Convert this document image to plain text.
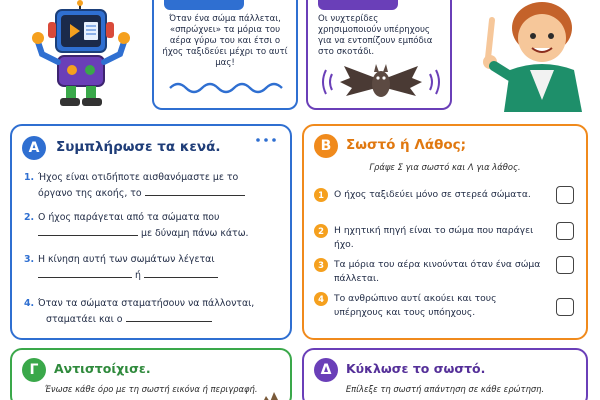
Όταν ένα σώμα πάλλεται, «σπρώχνει» τα μόρια του αέρα γύρω του και έτσι ο ήχος ταξιδεύει μέχρι το αυτί μας!
Οι νυχτερίδες χρησιμοποιούν υπέρηχους για να εντοπίζουν εμπόδια στο σκοτάδι.
Α	Συμπλήρωσε τα κενά.
1. Ήχος είναι οτιδήποτε αισθανόμαστε με το
όργανο της ακοής, το
2. Ο ήχος παράγεται από τα σώματα που
με δύναμη πάνω κάτω.
3. Η κίνηση αυτή των σωμάτων λέγεται
ή
4. Όταν τα σώματα σταματήσουν να πάλλονται,
σταματάει και ο
Β	Σωστό ή Λάθος;
Γράψε Σ για σωστό και Λ για λάθος.
1	Ο ήχος ταξιδεύει μόνο σε στερεά σώματα.
2	Η ηχητική πηγή είναι το σώμα που παράγει ήχο.
3	Τα μόρια του αέρα κινούνται όταν ένα σώμα πάλλεται.
4	Το ανθρώπινο αυτί ακούει και τους υπέρηχους και τους υπόηχους.
Γ	Αντιστοίχισε.
Ένωσε κάθε όρο με τη σωστή εικόνα ή περιγραφή.
Δ	Κύκλωσε το σωστό.
Επίλεξε τη σωστή απάντηση σε κάθε ερώτηση.
